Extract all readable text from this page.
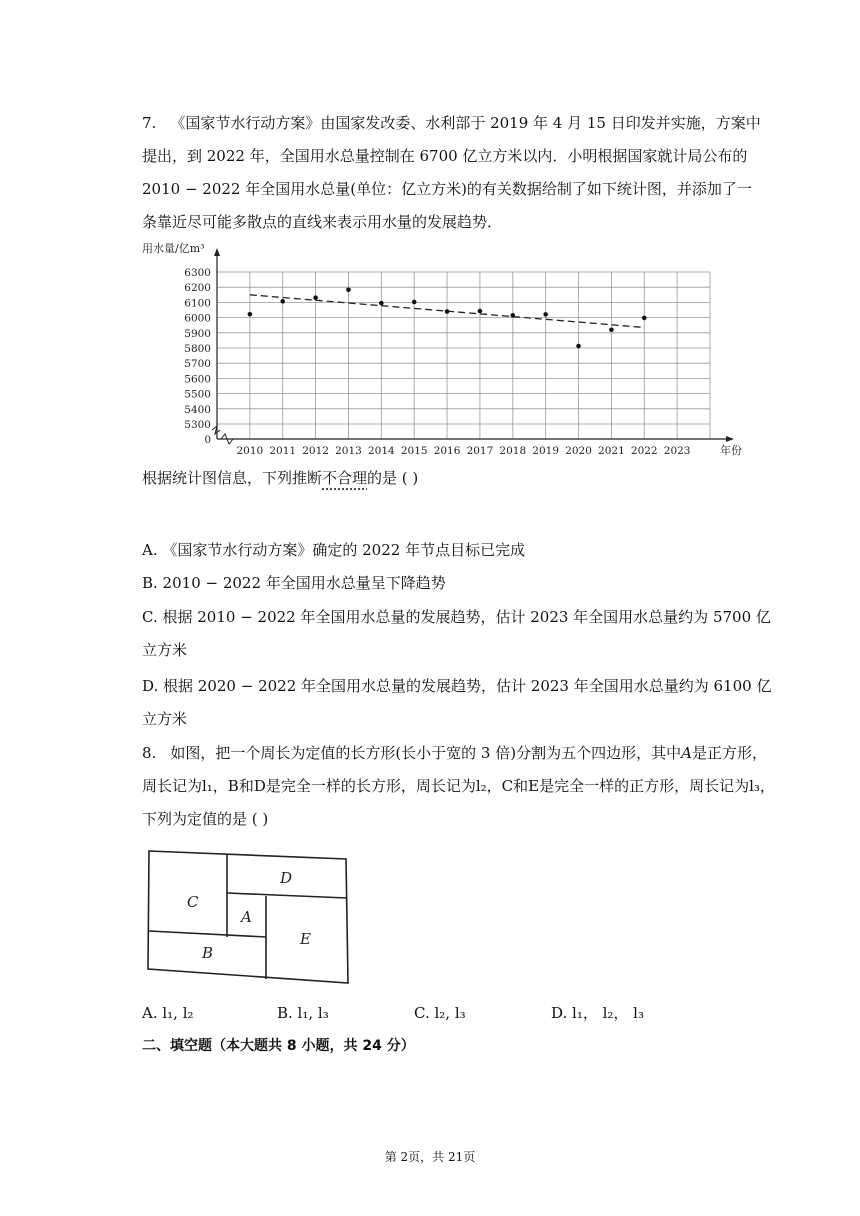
7. 《国家节水行动方案》由国家发改委、水利部于 2019 年 4 月 15 日印发并实施，方案中
提出，到 2022 年，全国用水总量控制在 6700 亿立方米以内．小明根据国家就计局公布的
2010 − 2022 年全国用水总量(单位：亿立方米)的有关数据给制了如下统计图，并添加了一
条靠近尽可能多散点的直线来表示用水量的发展趋势．
用水量/亿m³
6300
6200
6100
6000
5900
5800
5700
5600
5500
5400
5300
0
2010 2011 2012 2013 2014 2015 2016 2017 2018 2019 2020 2021 2022 2023	年份
根据统计图信息，下列推断不合理的是 ( )
A. 《国家节水行动方案》确定的 2022 年节点目标已完成
B. 2010 − 2022 年全国用水总量呈下降趋势
C. 根据 2010 − 2022 年全国用水总量的发展趋势，估计 2023 年全国用水总量约为 5700 亿
立方米
D. 根据 2020 − 2022 年全国用水总量的发展趋势，估计 2023 年全国用水总量约为 6100 亿
立方米
8. 如图，把一个周长为定值的长方形(长小于宽的 3 倍)分割为五个四边形，其中A是正方形，
周长记为l₁，B和D是完全一样的长方形，周长记为l₂，C和E是完全一样的正方形，周长记为l₃，
下列为定值的是 ( )
C
D
A
B
E
A. l₁, l₂	B. l₁, l₃	C. l₂, l₃	D. l₁， l₂， l₃
二、填空题（本大题共 8 小题，共 24 分）
第 2页，共 21页
